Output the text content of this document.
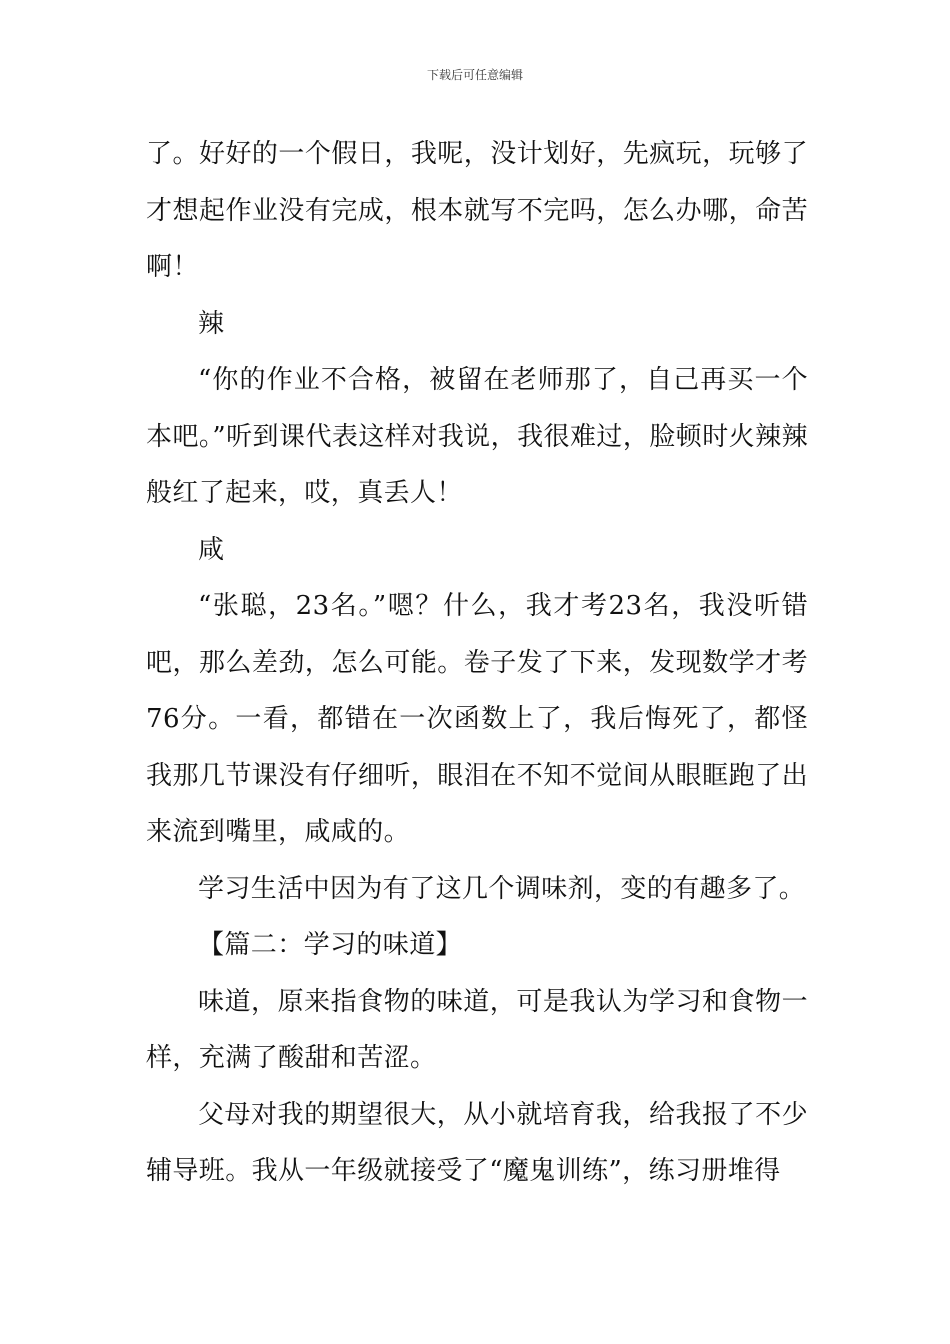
下载后可任意编辑

了。好好的一个假日，我呢，没计划好，先疯玩，玩够了才想起作业没有完成，根本就写不完吗，怎么办哪，命苦啊！

辣

“你的作业不合格，被留在老师那了，自己再买一个本吧。”听到课代表这样对我说，我很难过，脸顿时火辣辣般红了起来，哎，真丢人！

咸

“张聪，23名。”嗯？什么，我才考23名，我没听错吧，那么差劲，怎么可能。卷子发了下来，发现数学才考76分。一看，都错在一次函数上了，我后悔死了，都怪我那几节课没有仔细听，眼泪在不知不觉间从眼眶跑了出来流到嘴里，咸咸的。

学习生活中因为有了这几个调味剂，变的有趣多了。

【篇二：学习的味道】

味道，原来指食物的味道，可是我认为学习和食物一样，充满了酸甜和苦涩。

父母对我的期望很大，从小就培育我，给我报了不少辅导班。我从一年级就接受了“魔鬼训练”，练习册堆得
